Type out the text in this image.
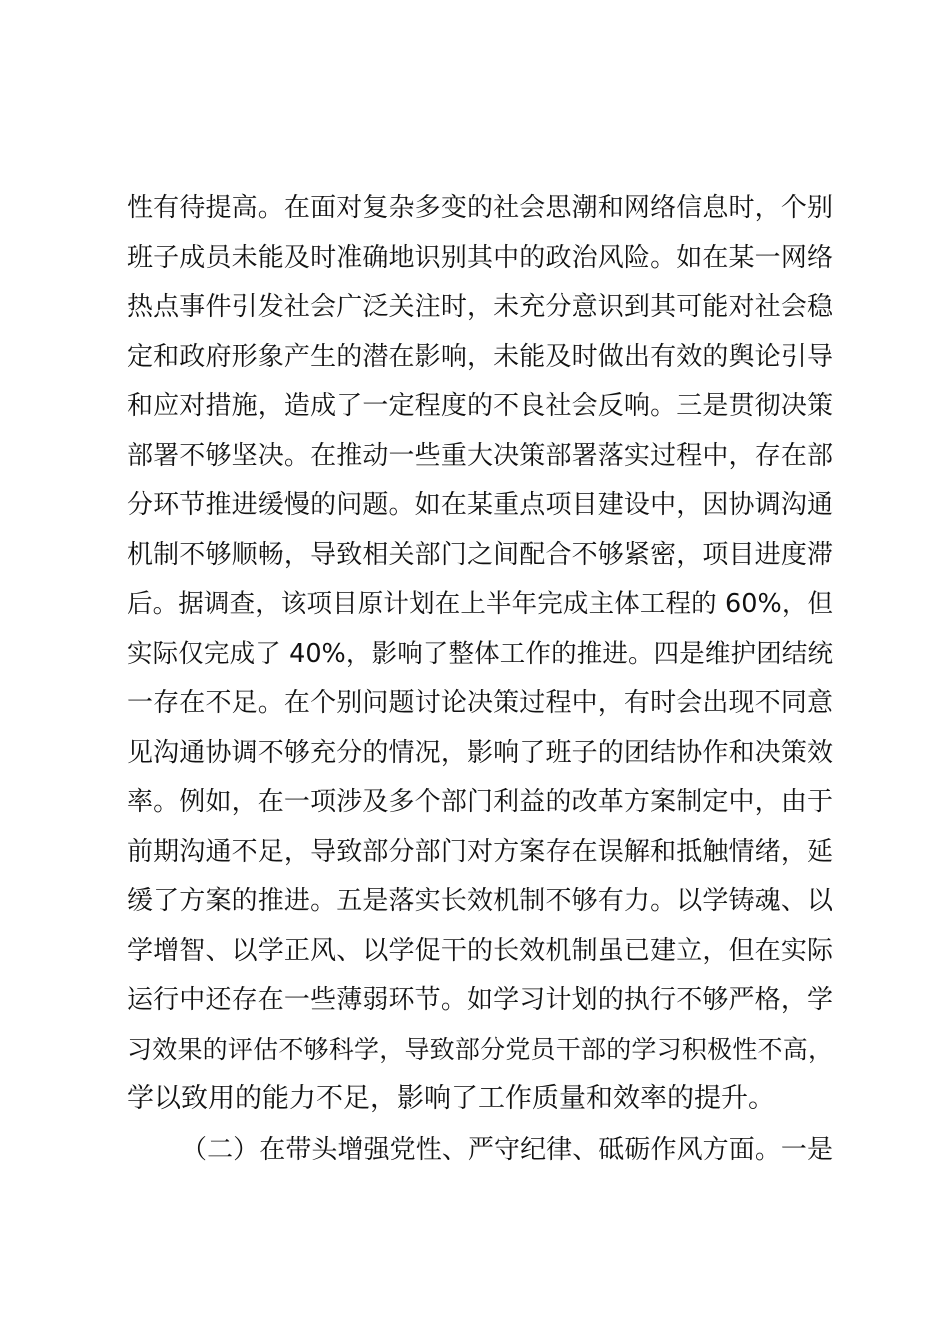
性有待提高。在面对复杂多变的社会思潮和网络信息时，个别
班子成员未能及时准确地识别其中的政治风险。如在某一网络
热点事件引发社会广泛关注时，未充分意识到其可能对社会稳
定和政府形象产生的潜在影响，未能及时做出有效的舆论引导
和应对措施，造成了一定程度的不良社会反响。三是贯彻决策
部署不够坚决。在推动一些重大决策部署落实过程中，存在部
分环节推进缓慢的问题。如在某重点项目建设中，因协调沟通
机制不够顺畅，导致相关部门之间配合不够紧密，项目进度滞
后。据调查，该项目原计划在上半年完成主体工程的 60%，但
实际仅完成了 40%，影响了整体工作的推进。四是维护团结统
一存在不足。在个别问题讨论决策过程中，有时会出现不同意
见沟通协调不够充分的情况，影响了班子的团结协作和决策效
率。例如，在一项涉及多个部门利益的改革方案制定中，由于
前期沟通不足，导致部分部门对方案存在误解和抵触情绪，延
缓了方案的推进。五是落实长效机制不够有力。以学铸魂、以
学增智、以学正风、以学促干的长效机制虽已建立，但在实际
运行中还存在一些薄弱环节。如学习计划的执行不够严格，学
习效果的评估不够科学，导致部分党员干部的学习积极性不高，
学以致用的能力不足，影响了工作质量和效率的提升。
（二）在带头增强党性、严守纪律、砥砺作风方面。一是
